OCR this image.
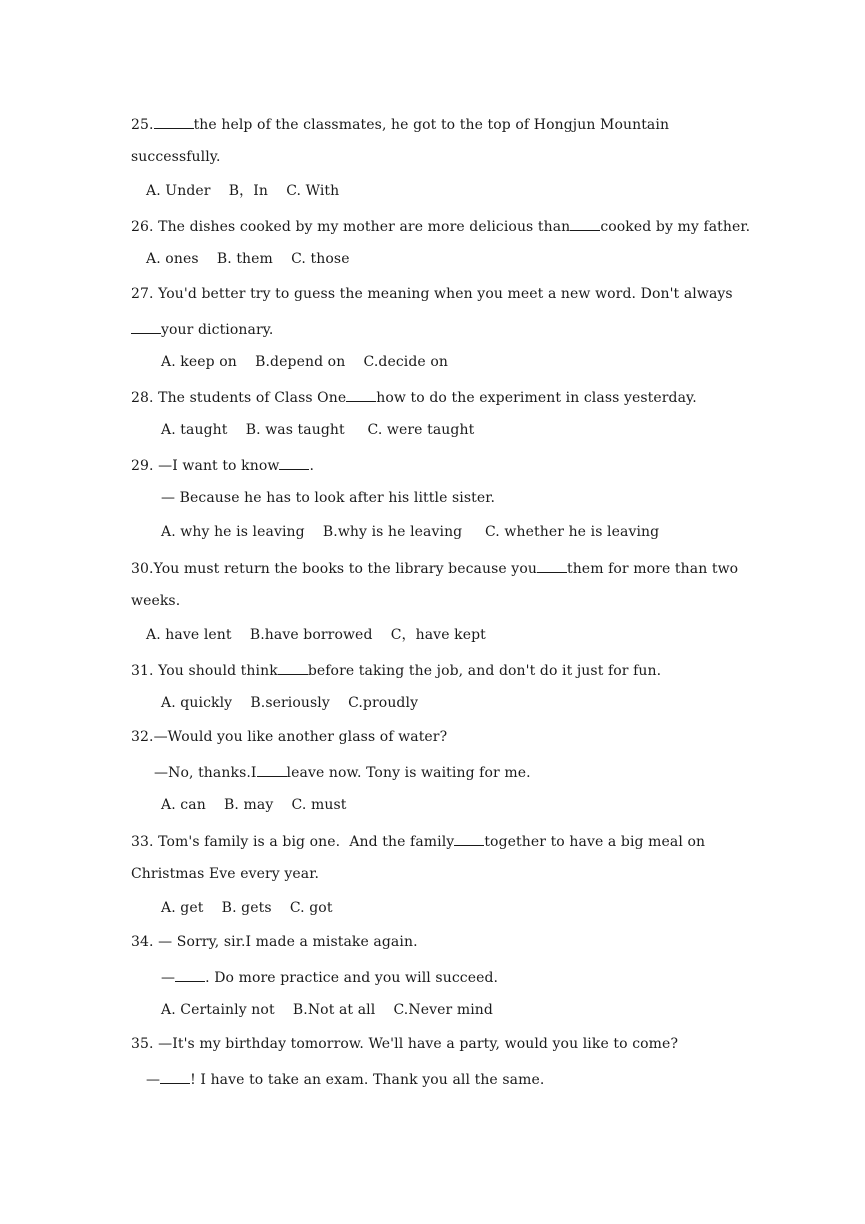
25.	the help of the classmates, he got to the top of Hongjun Mountain
successfully.
A. Under    B，In    C. With
26. The dishes cooked by my mother are more delicious than cooked by my father.
A. ones    B. them    C. those
27. You'd better try to guess the meaning when you meet a new word. Don't always
your dictionary.
A. keep on    B.depend on    C.decide on
28. The students of Class One how to do the experiment in class yesterday.
A. taught    B. was taught     C. were taught
29. —I want to know .
— Because he has to look after his little sister.
A. why he is leaving    B.why is he leaving     C. whether he is leaving
30.You must return the books to the library because you them for more than two
weeks.
A. have lent    B.have borrowed    C，have kept
31. You should think before taking the job, and don't do it just for fun.
A. quickly    B.seriously    C.proudly
32.—Would you like another glass of water?
—No, thanks.I leave now. Tony is waiting for me.
A. can    B. may    C. must
33. Tom's family is a big one.  And the family together to have a big meal on
Christmas Eve every year.
A. get    B. gets    C. got
34. — Sorry, sir.I made a mistake again.
— . Do more practice and you will succeed.
A. Certainly not    B.Not at all    C.Never mind
35. —It's my birthday tomorrow. We'll have a party, would you like to come?
— ! I have to take an exam. Thank you all the same.
